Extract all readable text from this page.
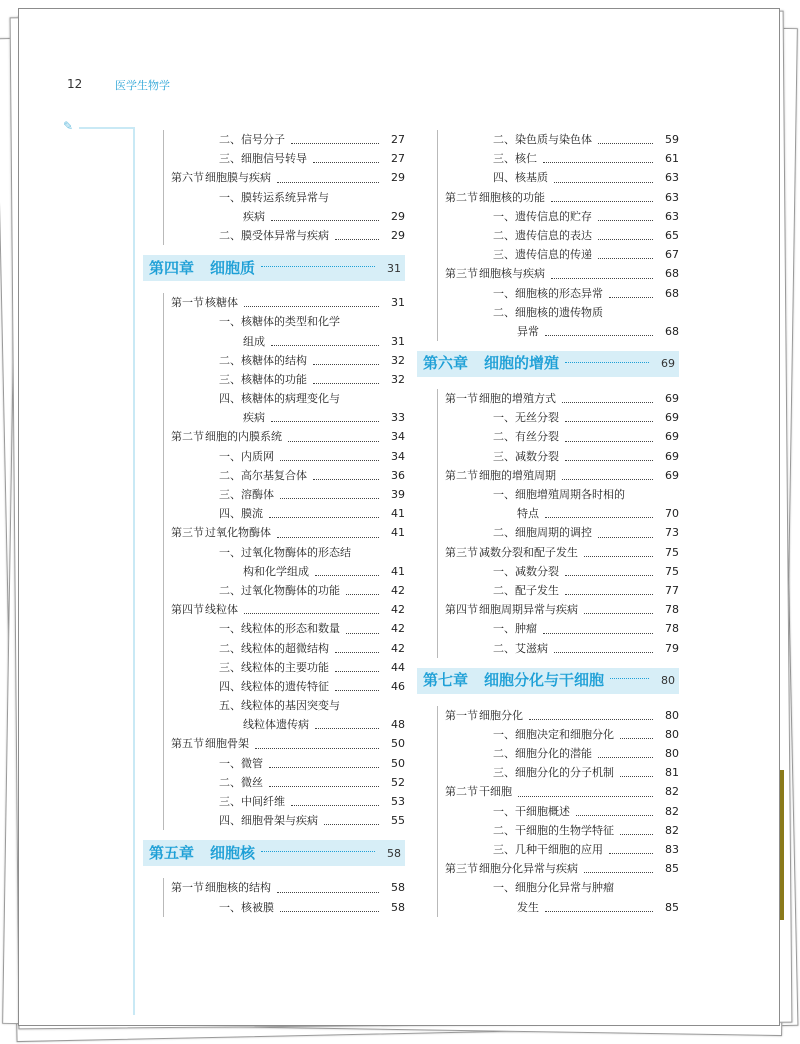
12	医学生物学
✎
二、信号分子	27
三、细胞信号转导	27
第六节 细胞膜与疾病	29
一、膜转运系统异常与
疾病	29
二、膜受体异常与疾病	29
第四章 细胞质	31
第一节 核糖体	31
一、核糖体的类型和化学
组成	31
二、核糖体的结构	32
三、核糖体的功能	32
四、核糖体的病理变化与
疾病	33
第二节 细胞的内膜系统	34
一、内质网	34
二、高尔基复合体	36
三、溶酶体	39
四、膜流	41
第三节 过氧化物酶体	41
一、过氧化物酶体的形态结
构和化学组成	41
二、过氧化物酶体的功能	42
第四节 线粒体	42
一、线粒体的形态和数量	42
二、线粒体的超微结构	42
三、线粒体的主要功能	44
四、线粒体的遗传特征	46
五、线粒体的基因突变与
线粒体遗传病	48
第五节 细胞骨架	50
一、微管	50
二、微丝	52
三、中间纤维	53
四、细胞骨架与疾病	55
第五章 细胞核	58
第一节 细胞核的结构	58
一、核被膜	58
二、染色质与染色体	59
三、核仁	61
四、核基质	63
第二节 细胞核的功能	63
一、遗传信息的贮存	63
二、遗传信息的表达	65
三、遗传信息的传递	67
第三节 细胞核与疾病	68
一、细胞核的形态异常	68
二、细胞核的遗传物质
异常	68
第六章 细胞的增殖	69
第一节 细胞的增殖方式	69
一、无丝分裂	69
二、有丝分裂	69
三、减数分裂	69
第二节 细胞的增殖周期	69
一、细胞增殖周期各时相的
特点	70
二、细胞周期的调控	73
第三节 减数分裂和配子发生	75
一、减数分裂	75
二、配子发生	77
第四节 细胞周期异常与疾病	78
一、肿瘤	78
二、艾滋病	79
第七章 细胞分化与干细胞	80
第一节 细胞分化	80
一、细胞决定和细胞分化	80
二、细胞分化的潜能	80
三、细胞分化的分子机制	81
第二节 干细胞	82
一、干细胞概述	82
二、干细胞的生物学特征	82
三、几种干细胞的应用	83
第三节 细胞分化异常与疾病	85
一、细胞分化异常与肿瘤
发生	85
